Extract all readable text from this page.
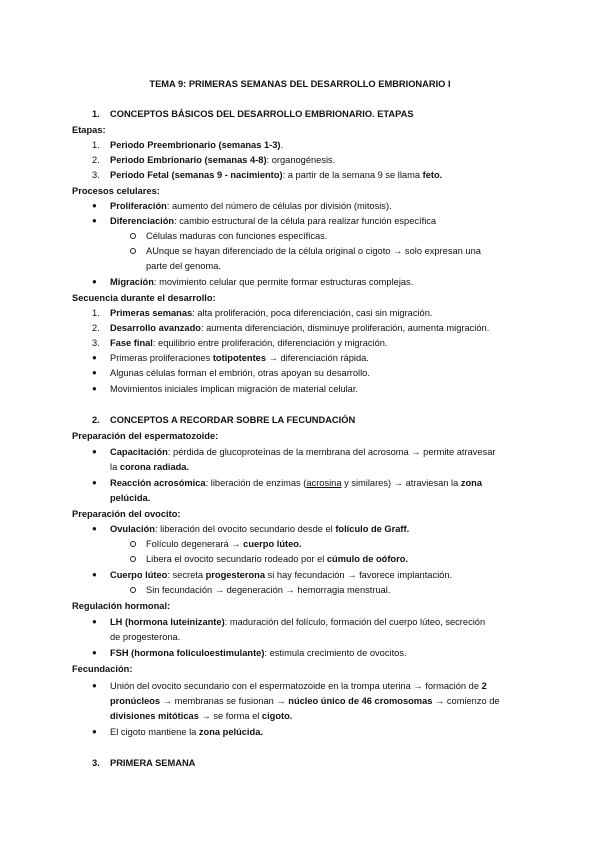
TEMA 9: PRIMERAS SEMANAS DEL DESARROLLO EMBRIONARIO I
1. CONCEPTOS BÁSICOS DEL DESARROLLO EMBRIONARIO. ETAPAS
Etapas:
1. Periodo Preembrionario (semanas 1-3).
2. Periodo Embrionario (semanas 4-8): organogénesis.
3. Periodo Fetal (semanas 9 - nacimiento): a partir de la semana 9 se llama feto.
Procesos celulares:
● Proliferación: aumento del número de células por división (mitosis).
● Diferenciación: cambio estructural de la célula para realizar función específica
Células maduras con funciones específicas.
AUnque se hayan diferenciado de la célula original o cigoto → solo expresan una
parte del genoma.
● Migración: movimiento celular que permite formar estructuras complejas.
Secuencia durante el desarrollo:
1. Primeras semanas: alta proliferación, poca diferenciación, casi sin migración.
2. Desarrollo avanzado: aumenta diferenciación, disminuye proliferación, aumenta migración.
3. Fase final: equilibrio entre proliferación, diferenciación y migración.
● Primeras proliferaciones totipotentes → diferenciación rápida.
● Algunas células forman el embrión, otras apoyan su desarrollo.
● Movimientos iniciales implican migración de material celular.
2. CONCEPTOS A RECORDAR SOBRE LA FECUNDACIÓN
Preparación del espermatozoide:
● Capacitación: pérdida de glucoproteínas de la membrana del acrosoma → permite atravesar
la corona radiada.
● Reacción acrosómica: liberación de enzimas (acrosina y similares) → atraviesan la zona
pelúcida.
Preparación del ovocito:
● Ovulación: liberación del ovocito secundario desde el folículo de Graff.
Folículo degenerará → cuerpo lúteo.
Libera el ovocito secundario rodeado por el cúmulo de oóforo.
● Cuerpo lúteo: secreta progesterona si hay fecundación → favorece implantación.
Sin fecundación → degeneración → hemorragia menstrual.
Regulación hormonal:
● LH (hormona luteinizante): maduración del folículo, formación del cuerpo lúteo, secreción
de progesterona.
● FSH (hormona foliculoestimulante): estimula crecimiento de ovocitos.
Fecundación:
● Unión del ovocito secundario con el espermatozoide en la trompa uterina → formación de 2
pronúcleos → membranas se fusionan → núcleo único de 46 cromosomas → comienzo de
divisiones mitóticas → se forma el cigoto.
● El cigoto mantiene la zona pelúcida.
3. PRIMERA SEMANA
